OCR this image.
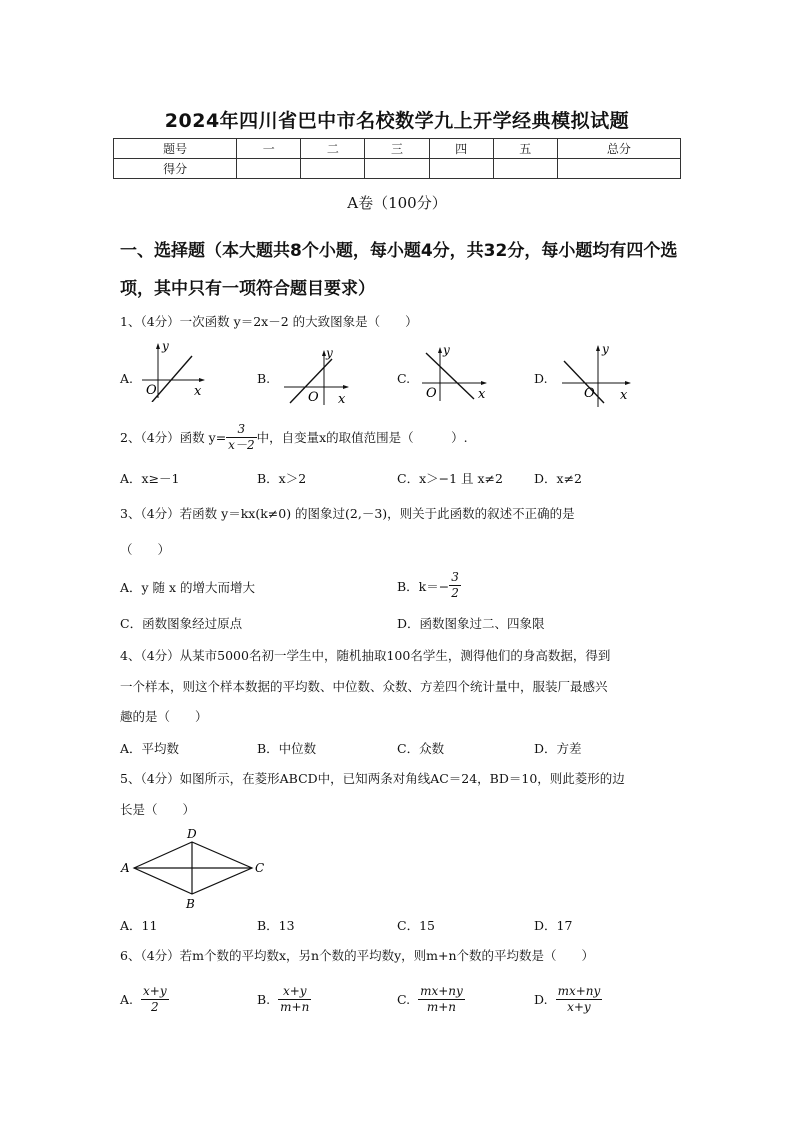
2024年四川省巴中市名校数学九上开学经典模拟试题
题号	一	二	三	四	五	总分
得分						
A卷（100分）
一、选择题（本大题共8个小题，每小题4分，共32分，每小题均有四个选项，其中只有一项符合题目要求）
1、（4分）一次函数 y＝2x－2 的大致图象是（　　）
A.
y
x
O
B.
y
x
O
C.
y
x
O
D.
y
x
O
2、（4分）函数 $y= \frac{3}{x-2}$ 中，自变量x的取值范围是（　　　）.
A．x≥－1	B．x＞2	C．x＞−1 且 x≠2 D．x≠2
3、（4分）若函数 y＝kx(k≠0) 的图象过(2,－3)，则关于此函数的叙述不正确的是
（　　）
A．y 随 x 的增大而增大	B．$k=- \frac{3}{2}$
C．函数图象经过原点	D．函数图象过二、四象限
4、（4分）从某市5000名初一学生中，随机抽取100名学生，测得他们的身高数据，得到
一个样本，则这个样本数据的平均数、中位数、众数、方差四个统计量中，服装厂最感兴
趣的是（　　）
A．平均数	B．中位数	C．众数	D．方差
5、（4分）如图所示，在菱形ABCD中，已知两条对角线AC＝24，BD＝10，则此菱形的边
长是（　　）
A
B
C
D
A．11	B．13	C．15	D．17
6、（4分）若m个数的平均数x，另n个数的平均数y，则m+n个数的平均数是（　　）
A. $\frac{x+y}{2}$	B. $\frac{x+y}{m+n}$	C. $\frac{mx+ny}{m+n}$	D. $\frac{mx+ny}{x+y}$
